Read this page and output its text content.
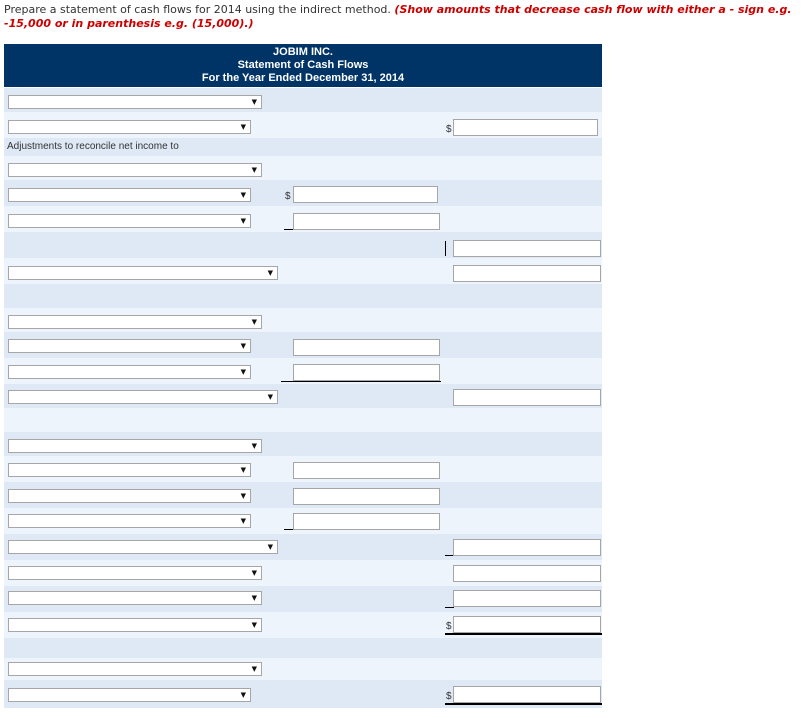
Prepare a statement of cash flows for 2014 using the indirect method. (Show amounts that decrease cash flow with either a - sign e.g. -15,000 or in parenthesis e.g. (15,000).)
JOBIM INC.
Statement of Cash Flows
For the Year Ended December 31, 2014
Adjustments to reconcile net income to
▼
▼
▼
▼
▼
▼
▼
▼
▼
▼
▼
▼
▼
▼
▼
▼
▼
▼
▼
▼
$
$
$
$
